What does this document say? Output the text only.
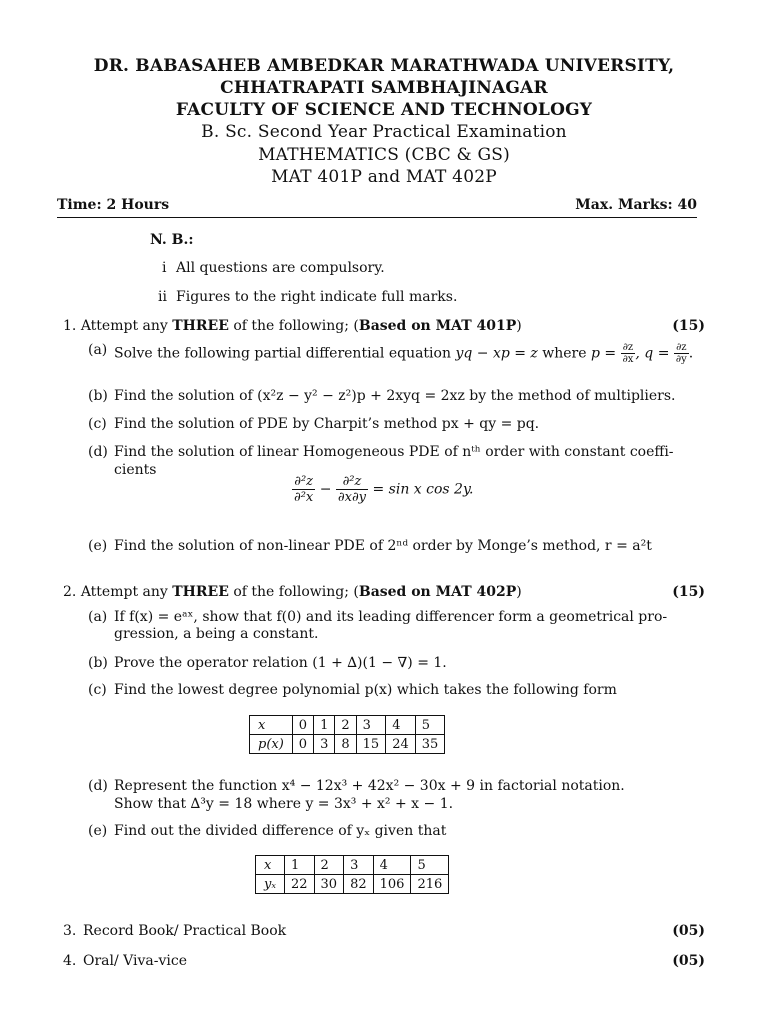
DR. BABASAHEB AMBEDKAR MARATHWADA UNIVERSITY,
CHHATRAPATI SAMBHAJINAGAR
FACULTY OF SCIENCE AND TECHNOLOGY
B. Sc. Second Year Practical Examination
MATHEMATICS (CBC & GS)
MAT 401P and MAT 402P
Time: 2 Hours	Max. Marks: 40
N. B.:
i All questions are compulsory.
ii Figures to the right indicate full marks.
1. Attempt any THREE of the following; (Based on MAT 401P)	(15)
(a) Solve the following partial differential equation yq − xp = z where $p = \frac{\partial z}{\partial x}$ , $q = \frac{\partial z}{\partial y}$ .
(b) Find the solution of (x²z − y² − z²)p + 2xyq = 2xz by the method of multipliers.
(c) Find the solution of PDE by Charpit’s method px + qy = pq.
(d) Find the solution of linear Homogeneous PDE of nᵗʰ order with constant coeffi-
cients
$\frac{\text{∂²z}}{\text{∂²x}} - \frac{\text{∂²z}}{\partial x\partial y} = \sin x$ cos 2y.
(e) Find the solution of non-linear PDE of 2ⁿᵈ order by Monge’s method, r = a²t
2. Attempt any THREE of the following; (Based on MAT 402P)	(15)
(a) If f(x) = eᵃˣ, show that f(0) and its leading differencer form a geometrical pro-
gression, a being a constant.
(b) Prove the operator relation (1 + ∆)(1 − ∇) = 1.
(c) Find the lowest degree polynomial p(x) which takes the following form
x	0	1	2	3	4	5
p(x)	0	3	8	15	24	35
(d) Represent the function x⁴ − 12x³ + 42x² − 30x + 9 in factorial notation.
Show that ∆³y = 18 where y = 3x³ + x² + x − 1.
(e) Find out the divided difference of yₓ given that
x	1	2	3	4	5
yₓ	22	30	82	106	216
3. Record Book/ Practical Book	(05)
4. Oral/ Viva-vice	(05)
